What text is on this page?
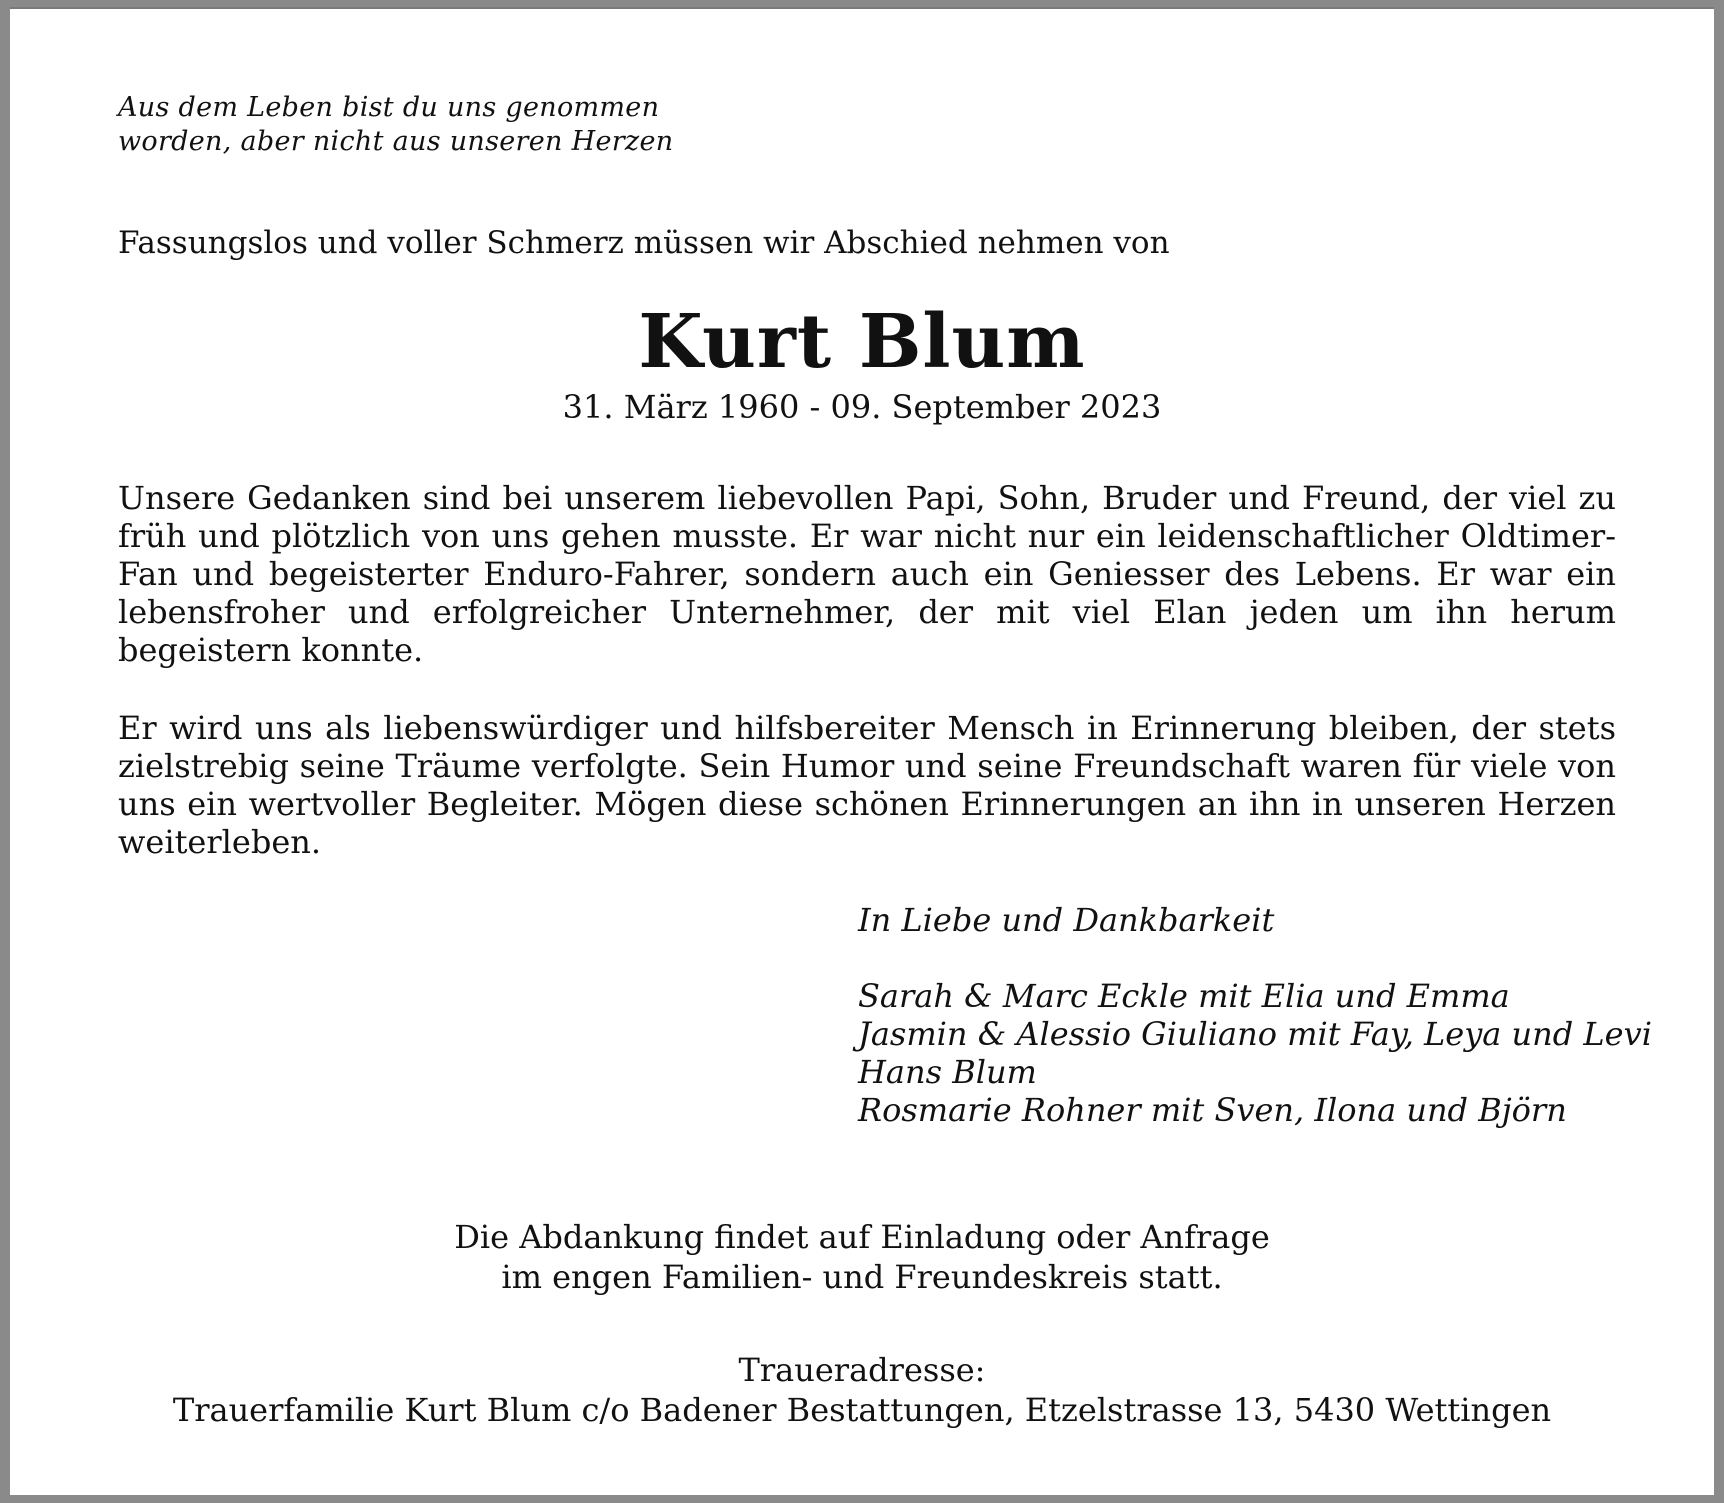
Aus dem Leben bist du uns genommen
worden, aber nicht aus unseren Herzen
Fassungslos und voller Schmerz müssen wir Abschied nehmen von
Kurt Blum
31. März 1960 - 09. September 2023
Unsere Gedanken sind bei unserem liebevollen Papi, Sohn, Bruder und Freund, der viel zu früh und plötzlich von uns gehen musste. Er war nicht nur ein leidenschaftlicher Oldtimer-Fan und begeisterter Enduro-Fahrer, sondern auch ein Geniesser des Lebens. Er war ein lebensfroher und erfolgreicher Unternehmer, der mit viel Elan jeden um ihn herum begeistern konnte.
Er wird uns als liebenswürdiger und hilfsbereiter Mensch in Erinnerung bleiben, der stets zielstrebig seine Träume verfolgte. Sein Humor und seine Freundschaft waren für viele von uns ein wertvoller Begleiter. Mögen diese schönen Erinnerungen an ihn in unseren Herzen weiterleben.
In Liebe und Dankbarkeit
Sarah & Marc Eckle mit Elia und Emma
Jasmin & Alessio Giuliano mit Fay, Leya und Levi
Hans Blum
Rosmarie Rohner mit Sven, Ilona und Björn
Die Abdankung findet auf Einladung oder Anfrage
im engen Familien- und Freundeskreis statt.
Traueradresse:
Trauerfamilie Kurt Blum c/o Badener Bestattungen, Etzelstrasse 13, 5430 Wettingen
